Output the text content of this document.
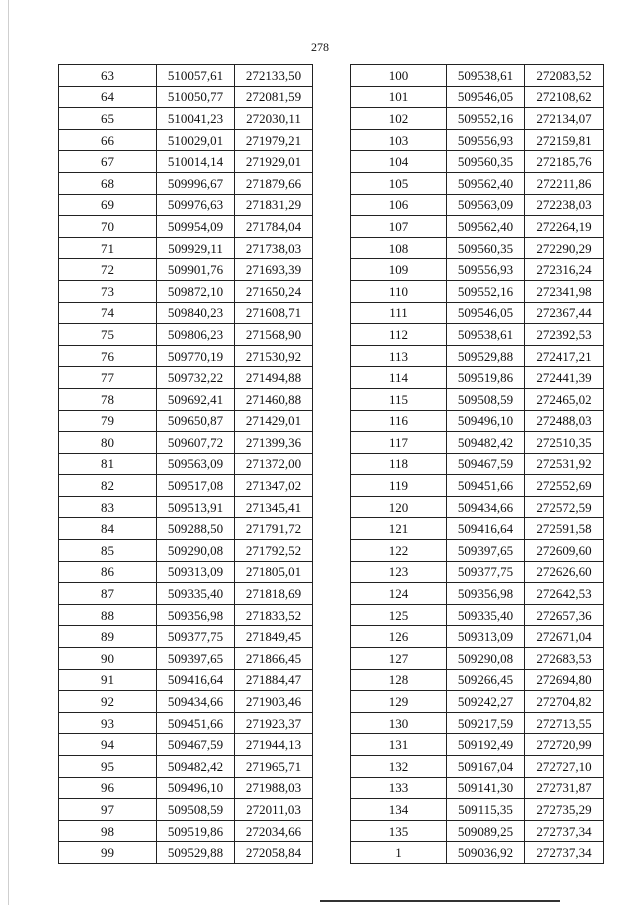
278
63	510057,61	272133,50
64	510050,77	272081,59
65	510041,23	272030,11
66	510029,01	271979,21
67	510014,14	271929,01
68	509996,67	271879,66
69	509976,63	271831,29
70	509954,09	271784,04
71	509929,11	271738,03
72	509901,76	271693,39
73	509872,10	271650,24
74	509840,23	271608,71
75	509806,23	271568,90
76	509770,19	271530,92
77	509732,22	271494,88
78	509692,41	271460,88
79	509650,87	271429,01
80	509607,72	271399,36
81	509563,09	271372,00
82	509517,08	271347,02
83	509513,91	271345,41
84	509288,50	271791,72
85	509290,08	271792,52
86	509313,09	271805,01
87	509335,40	271818,69
88	509356,98	271833,52
89	509377,75	271849,45
90	509397,65	271866,45
91	509416,64	271884,47
92	509434,66	271903,46
93	509451,66	271923,37
94	509467,59	271944,13
95	509482,42	271965,71
96	509496,10	271988,03
97	509508,59	272011,03
98	509519,86	272034,66
99	509529,88	272058,84
100	509538,61	272083,52
101	509546,05	272108,62
102	509552,16	272134,07
103	509556,93	272159,81
104	509560,35	272185,76
105	509562,40	272211,86
106	509563,09	272238,03
107	509562,40	272264,19
108	509560,35	272290,29
109	509556,93	272316,24
110	509552,16	272341,98
111	509546,05	272367,44
112	509538,61	272392,53
113	509529,88	272417,21
114	509519,86	272441,39
115	509508,59	272465,02
116	509496,10	272488,03
117	509482,42	272510,35
118	509467,59	272531,92
119	509451,66	272552,69
120	509434,66	272572,59
121	509416,64	272591,58
122	509397,65	272609,60
123	509377,75	272626,60
124	509356,98	272642,53
125	509335,40	272657,36
126	509313,09	272671,04
127	509290,08	272683,53
128	509266,45	272694,80
129	509242,27	272704,82
130	509217,59	272713,55
131	509192,49	272720,99
132	509167,04	272727,10
133	509141,30	272731,87
134	509115,35	272735,29
135	509089,25	272737,34
1	509036,92	272737,34
